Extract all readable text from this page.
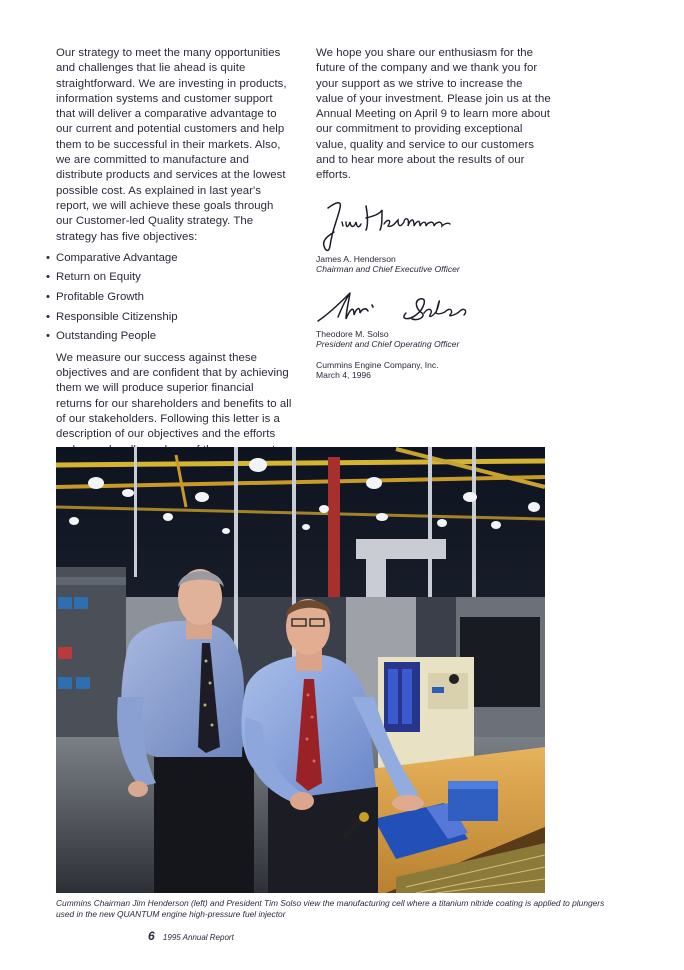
Our strategy to meet the many opportunities and challenges that lie ahead is quite straightforward. We are investing in products, information systems and customer support that will deliver a comparative advantage to our current and potential customers and help them to be successful in their markets. Also, we are committed to manufacture and distribute products and services at the lowest possible cost. As explained in last year's report, we will achieve these goals through our Customer-led Quality strategy. The strategy has five objectives:

• Comparative Advantage
• Return on Equity
• Profitable Growth
• Responsible Citizenship
• Outstanding People

We measure our success against these objectives and are confident that by achieving them we will produce superior financial returns for our shareholders and benefits to all of our stakeholders. Following this letter is a description of our objectives and the efforts

We hope you share our enthusiasm for the future of the company and we thank you for your support as we strive to increase the value of your investment. Please join us at the Annual Meeting on April 9 to learn more about our commitment to providing exceptional value, quality and service to our customers and to hear more about the results of our efforts.

James A. Henderson
Chairman and Chief Executive Officer
Theodore M. Solso
President and Chief Operating Officer
Cummins Engine Company, Inc.
March 4, 1996
Cummins Chairman Jim Henderson (left) and President Tim Solso view the manufacturing cell where a titanium nitride coating is applied to plungers used in the new QUANTUM engine high-pressure fuel injector
6 1995 Annual Report
